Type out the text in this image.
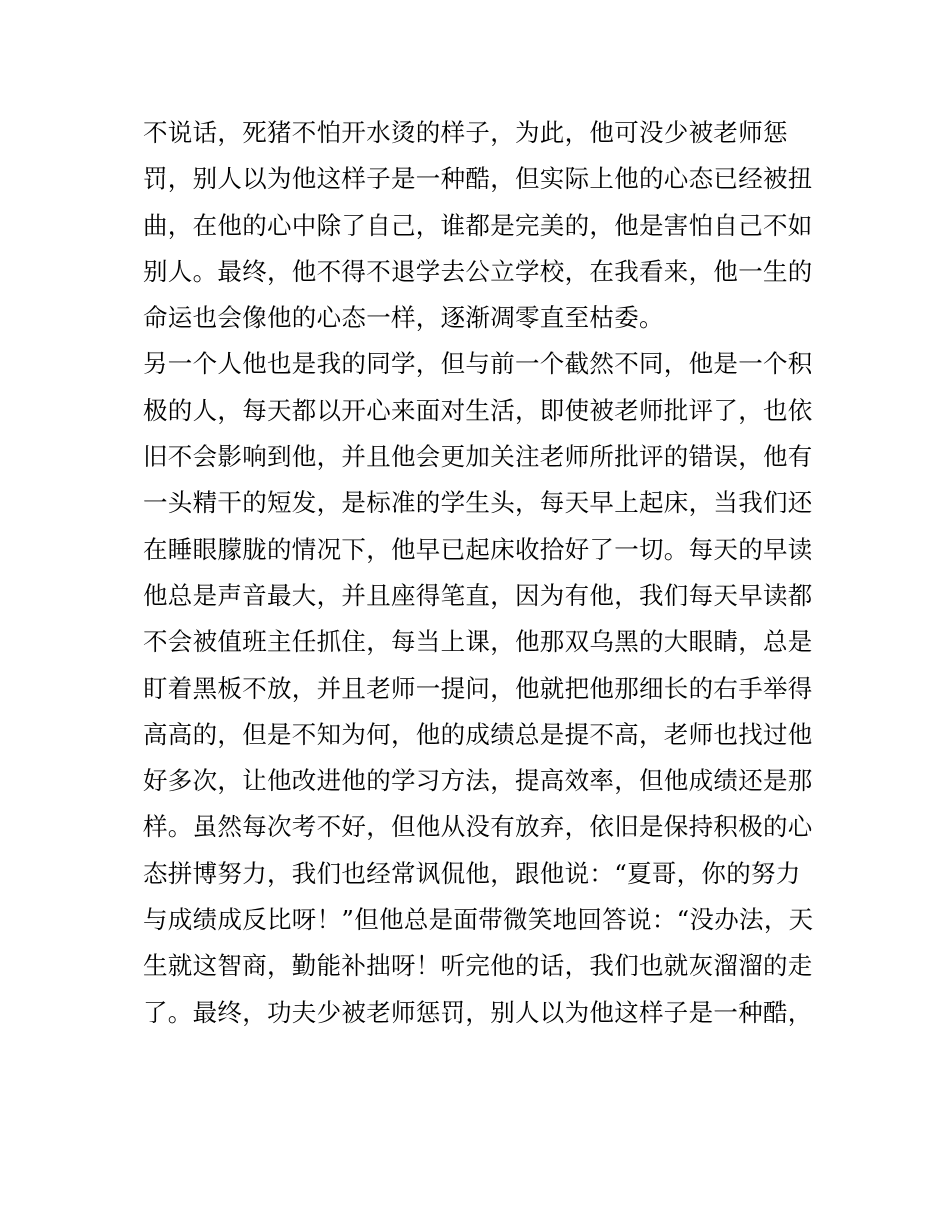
不说话，死猪不怕开水烫的样子，为此，他可没少被老师惩
罚，别人以为他这样子是一种酷，但实际上他的心态已经被扭
曲，在他的心中除了自己，谁都是完美的，他是害怕自己不如
别人。最终，他不得不退学去公立学校，在我看来，他一生的
命运也会像他的心态一样，逐渐凋零直至枯委。
另一个人他也是我的同学，但与前一个截然不同，他是一个积
极的人，每天都以开心来面对生活，即使被老师批评了，也依
旧不会影响到他，并且他会更加关注老师所批评的错误，他有
一头精干的短发，是标准的学生头，每天早上起床，当我们还
在睡眼朦胧的情况下，他早已起床收拾好了一切。每天的早读
他总是声音最大，并且座得笔直，因为有他，我们每天早读都
不会被值班主任抓住，每当上课，他那双乌黑的大眼睛，总是
盯着黑板不放，并且老师一提问，他就把他那细长的右手举得
高高的，但是不知为何，他的成绩总是提不高，老师也找过他
好多次，让他改进他的学习方法，提高效率，但他成绩还是那
样。虽然每次考不好，但他从没有放弃，依旧是保持积极的心
态拼博努力，我们也经常讽侃他，跟他说：“夏哥，你的努力
与成绩成反比呀！”但他总是面带微笑地回答说：“没办法，天
生就这智商，勤能补拙呀！听完他的话，我们也就灰溜溜的走
了。最终，功夫少被老师惩罚，别人以为他这样子是一种酷，
